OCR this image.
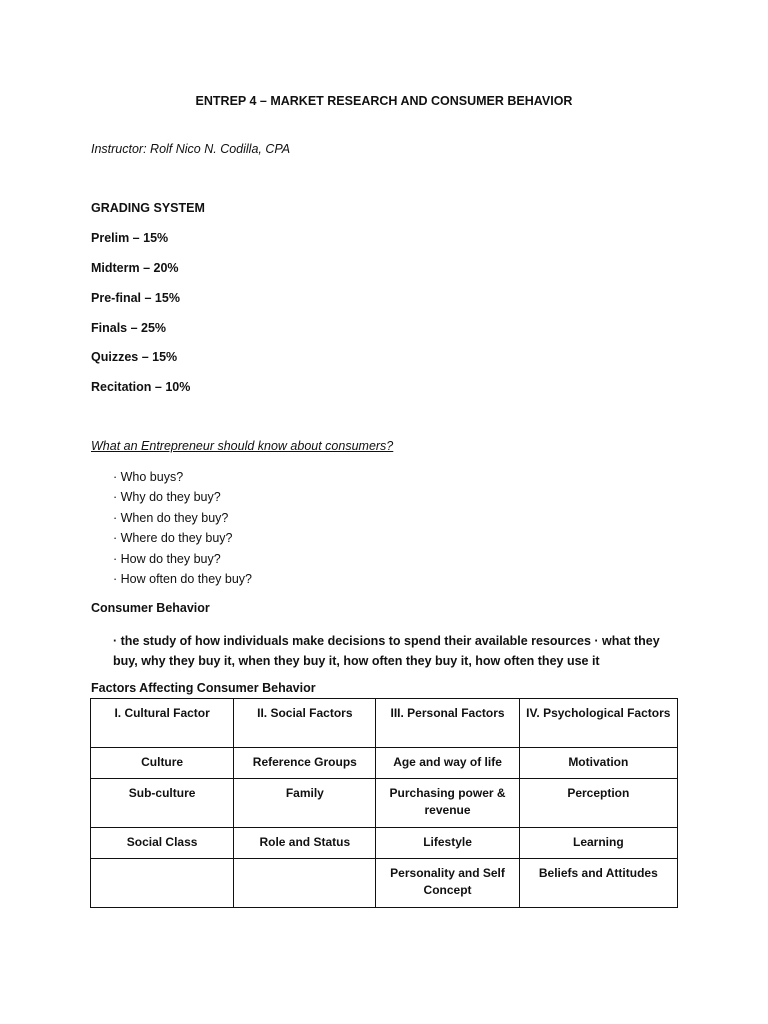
ENTREP 4 – MARKET RESEARCH AND CONSUMER BEHAVIOR
Instructor: Rolf Nico N. Codilla, CPA
GRADING SYSTEM
Prelim – 15%
Midterm – 20%
Pre-final – 15%
Finals – 25%
Quizzes – 15%
Recitation – 10%
What an Entrepreneur should know about consumers?
· Who buys?
· Why do they buy?
· When do they buy?
· Where do they buy?
· How do they buy?
· How often do they buy?
Consumer Behavior
· the study of how individuals make decisions to spend their available resources · what they buy, why they buy it, when they buy it, how often they buy it, how often they use it
Factors Affecting Consumer Behavior
I. Cultural Factor	II. Social Factors	III. Personal Factors	IV. Psychological Factors
Culture	Reference Groups	Age and way of life	Motivation
Sub-culture	Family	Purchasing power & revenue	Perception
Social Class	Role and Status	Lifestyle	Learning
		Personality and Self Concept	Beliefs and Attitudes
